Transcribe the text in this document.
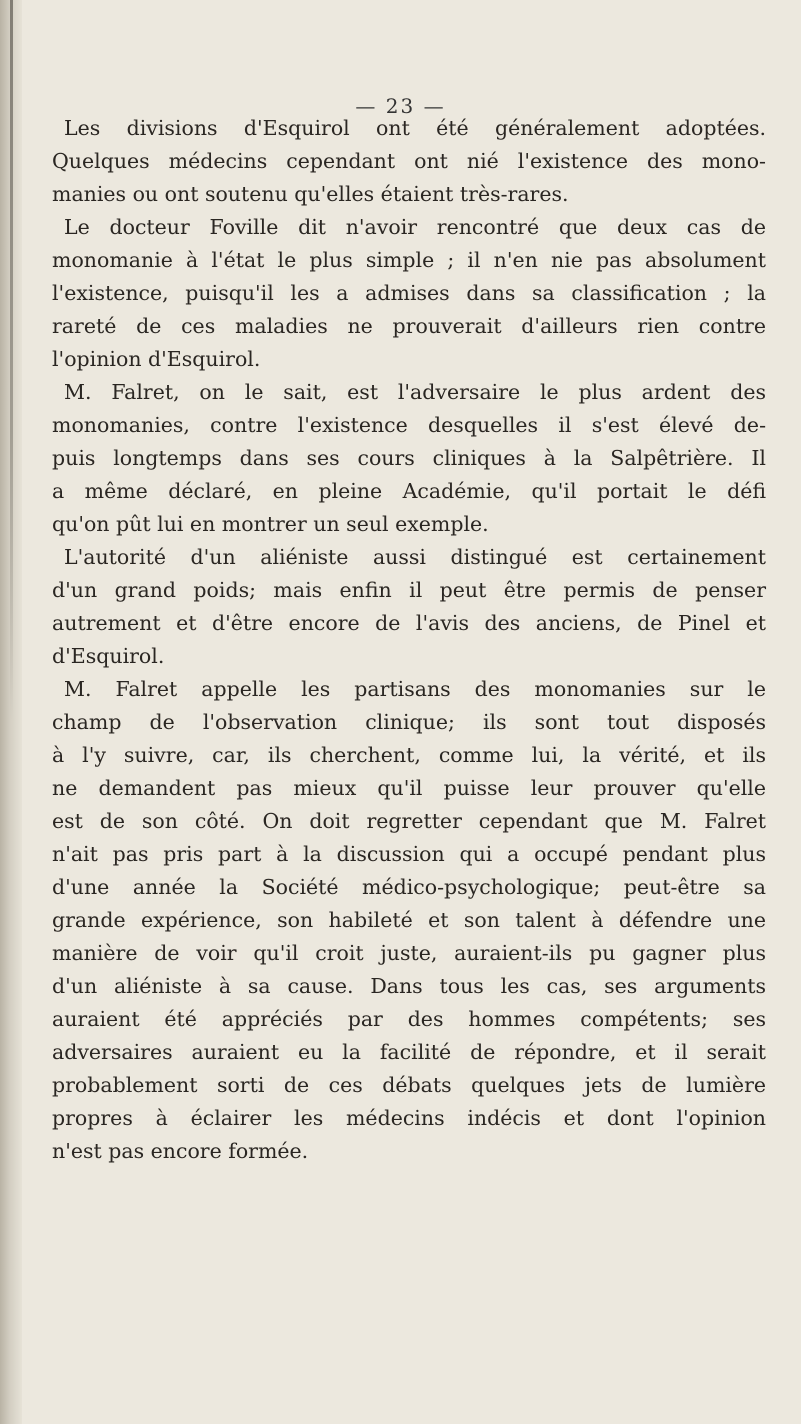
— 23 —
Les divisions d'Esquirol ont été généralement adoptées.
Quelques médecins cependant ont nié l'existence des mono-
manies ou ont soutenu qu'elles étaient très-rares.
Le docteur Foville dit n'avoir rencontré que deux cas de
monomanie à l'état le plus simple ; il n'en nie pas absolument
l'existence, puisqu'il les a admises dans sa classification ; la
rareté de ces maladies ne prouverait d'ailleurs rien contre
l'opinion d'Esquirol.
M. Falret, on le sait, est l'adversaire le plus ardent des
monomanies, contre l'existence desquelles il s'est élevé de-
puis longtemps dans ses cours cliniques à la Salpêtrière. Il
a même déclaré, en pleine Académie, qu'il portait le défi
qu'on pût lui en montrer un seul exemple.
L'autorité d'un aliéniste aussi distingué est certainement
d'un grand poids; mais enfin il peut être permis de penser
autrement et d'être encore de l'avis des anciens, de Pinel et
d'Esquirol.
M. Falret appelle les partisans des monomanies sur le
champ de l'observation clinique; ils sont tout disposés
à l'y suivre, car, ils cherchent, comme lui, la vérité, et ils
ne demandent pas mieux qu'il puisse leur prouver qu'elle
est de son côté. On doit regretter cependant que M. Falret
n'ait pas pris part à la discussion qui a occupé pendant plus
d'une année la Société médico-psychologique; peut-être sa
grande expérience, son habileté et son talent à défendre une
manière de voir qu'il croit juste, auraient-ils pu gagner plus
d'un aliéniste à sa cause. Dans tous les cas, ses arguments
auraient été appréciés par des hommes compétents; ses
adversaires auraient eu la facilité de répondre, et il serait
probablement sorti de ces débats quelques jets de lumière
propres à éclairer les médecins indécis et dont l'opinion
n'est pas encore formée.
